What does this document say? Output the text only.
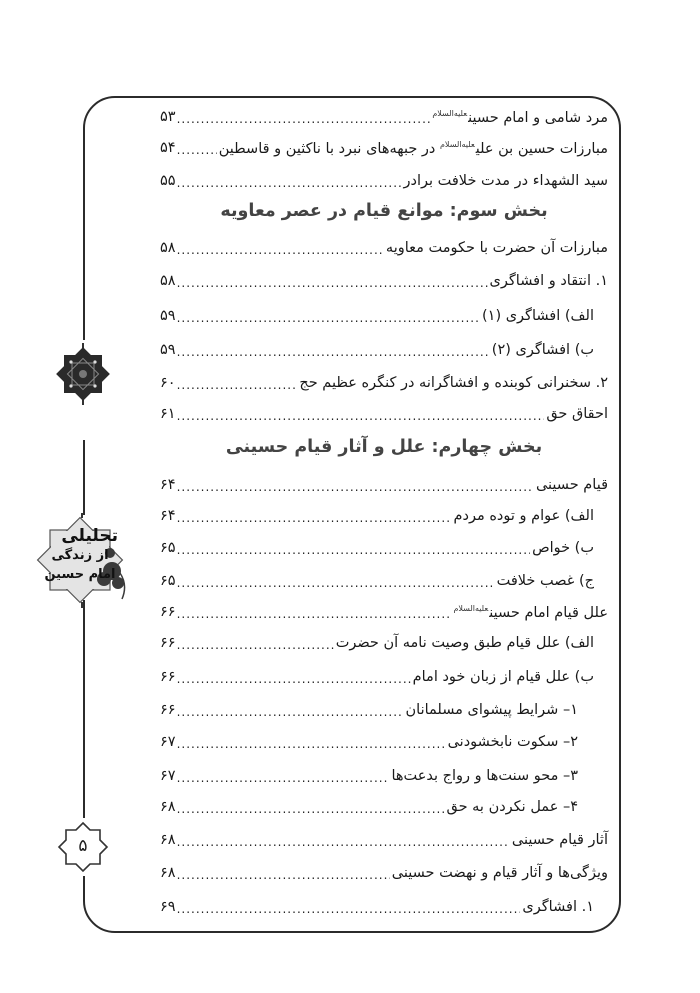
تحلیلی
از زندگی
امام حسین
۵
مرد شامی و امام حسین$^{علیه‌السلام}$
.....
۵۳
مبارزات حسین بن علی$^{علیه‌السلام}$ در جبهه‌های نبرد با ناکثین و قاسطین
.....
۵۴
سید الشهداء در مدت خلافت برادر
.....
۵۵
بخش سوم: موانع قیام در عصر معاویه
مبارزات آن حضرت با حکومت معاویه
.....
۵۸
۱. انتقاد و افشاگری
.....
۵۸
الف) افشاگری (۱)
.....
۵۹
ب) افشاگری (۲)
.....
۵۹
۲. سخنرانی کوبنده و افشاگرانه در کنگره عظیم حج
.....
۶۰
احقاق حق
.....
۶۱
بخش چهارم: علل و آثار قیام حسینی
قیام حسینی
.....
۶۴
الف) عوام و توده مردم
.....
۶۴
ب) خواص
.....
۶۵
ج) غصب خلافت
.....
۶۵
علل قیام امام حسین$^{علیه‌السلام}$
.....
۶۶
الف) علل قیام طبق وصیت نامه آن حضرت
.....
۶۶
ب) علل قیام از زبان خود امام
.....
۶۶
۱– شرایط پیشوای مسلمانان
.....
۶۶
۲– سکوت نابخشودنی
.....
۶۷
۳– محو سنت‌ها و رواج بدعت‌ها
.....
۶۷
۴– عمل نکردن به حق
.....
۶۸
آثار قیام حسینی
.....
۶۸
ویژگی‌ها و آثار قیام و نهضت حسینی
.....
۶۸
۱. افشاگری
.....
۶۹
